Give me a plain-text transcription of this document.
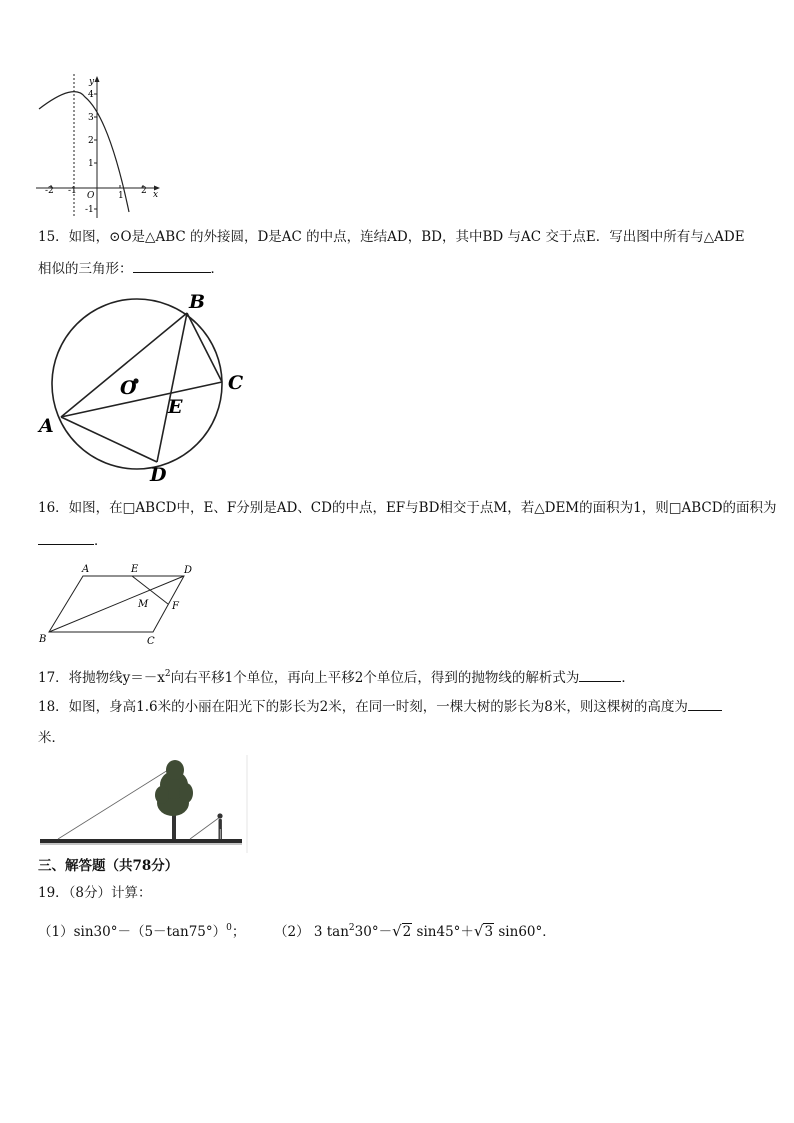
y
x
O
4
3
2
1
-1
-2 -1	1 2
15．如图，⊙O是△ABC 的外接圆，D是AC 的中点，连结AD，BD，其中BD 与AC 交于点E．写出图中所有与△ADE
相似的三角形：	．
B
C
A
D
E
O
16．如图，在□ABCD中，E、F分别是AD、CD的中点，EF与BD相交于点M，若△DEM的面积为1，则□ABCD的面积为
．
A	E	D
M F
B	C
17．将抛物线$y=-x^2$向右平移1个单位，再向上平移2个单位后，得到的抛物线的解析式为	．
18．如图，身高1.6米的小丽在阳光下的影长为2米，在同一时刻，一棵大树的影长为8米，则这棵树的高度为
米．
三、解答题（共78分）
19．（8分）计算：
$(1)\sin 30^\circ-(5-\tan 75^\circ)^0$； （2） 3 $\tan^230^\circ-√2$ sin45°＋√3 sin60°．
